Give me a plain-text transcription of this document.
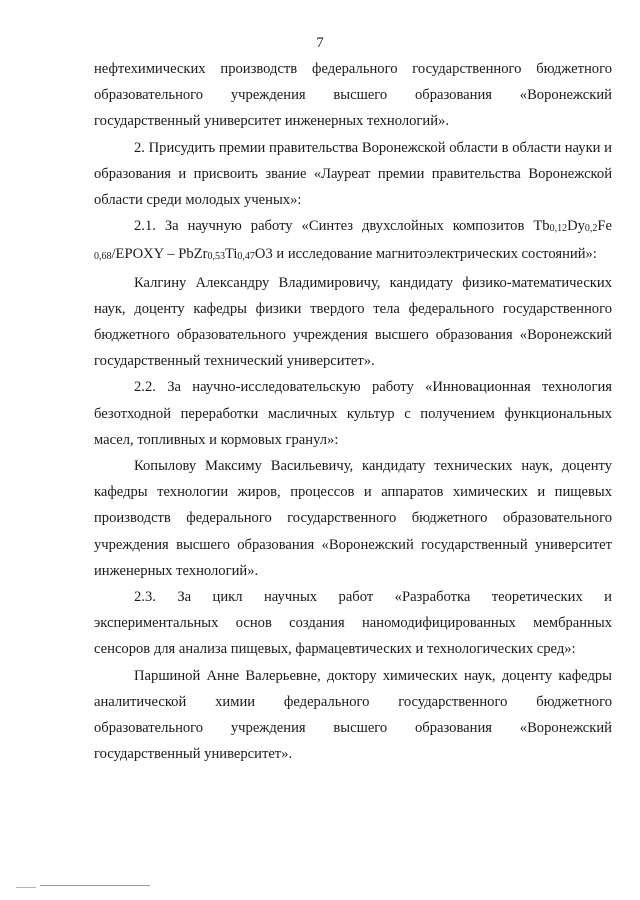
7

нефтехимических производств федерального государственного бюджетного образовательного учреждения высшего образования «Воронежский государственный университет инженерных технологий».

2. Присудить премии правительства Воронежской области в области науки и образования и присвоить звание «Лауреат премии правительства Воронежской области среди молодых ученых»:

2.1. За научную работу «Синтез двухслойных композитов $Tb_{0,12}Dy_{0,2}Fe$ $_{0,68}$/EPOXY – $PbZr_{0,53}Ti_{0,47}O3$ и исследование магнитоэлектрических состояний»:

Калгину Александру Владимировичу, кандидату физико-математических наук, доценту кафедры физики твердого тела федерального государственного бюджетного образовательного учреждения высшего образования «Воронежский государственный технический университет».

2.2. За научно-исследовательскую работу «Инновационная технология безотходной переработки масличных культур с получением функциональных масел, топливных и кормовых гранул»:

Копылову Максиму Васильевичу, кандидату технических наук, доценту кафедры технологии жиров, процессов и аппаратов химических и пищевых производств федерального государственного бюджетного образовательного учреждения высшего образования «Воронежский государственный университет инженерных технологий».

2.3. За цикл научных работ «Разработка теоретических и экспериментальных основ создания наномодифицированных мембранных сенсоров для анализа пищевых, фармацевтических и технологических сред»:

Паршиной Анне Валерьевне, доктору химических наук, доценту кафедры аналитической химии федерального государственного бюджетного образовательного учреждения высшего образования «Воронежский государственный университет».
